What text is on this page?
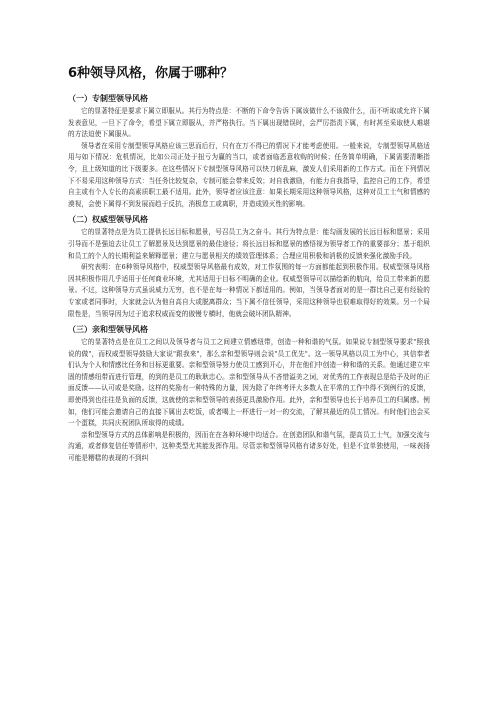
6种领导风格，你属于哪种？
（一）专制型领导风格

它的显著特征是要求下属立即服从。其行为特点是：不断的下命令告诉下属该做什么不该做什么，而不听取或允许下属发表意见，一旦下了命令，希望下属立即服从，并严格执行。当下属出现错误时，会严厉指责下属，有时甚至采取使人难堪的方法迫使下属服从。

领导者在采用专制型领导风格应该三思而后行，只有在万不得已的情况下才能考虑使用。一般来说，专制型领导风格适用与如下情况：危机情况，比如公司正处于扭亏为赢的当口，或者面临恶意收购的时候；任务简单明确，下属需要清晰指令，且上级知道的比下级要多。在这些情况下专制型领导风格可以快刀斩乱麻，激发人们采用新的工作方式。而在下列情况下不易采用这种领导方式：当任务比较复杂，专制可能会带来反效；对自我激励，有能力自我指导，监控自己的工作，希望自主或有个人专长的高素质职工最不适用。此外，领导者应该注意：如果长期采用这种领导风格，这种对员工士气和情感的漠视，会使下属得不到发展而趋于反抗，消极怠工或离职，并造成毁灭性的影响。

（二）权威型领导风格

它的显著特点是为员工提供长远目标和愿景，号召员工为之奋斗。其行为特点是：能勾画发展的长远目标和愿景；采用引导而不是强迫去让员工了解愿景及达到愿景的最佳途径；将长远目标和愿景的感悟视为领导者工作的重要部分；基于组织和员工的个人的长期利益来解释愿景；建立与愿景相关的绩效管理体系；合理应用积极和消极的反馈来强化激励手段。

研究表明：在6种领导风格中，权威型领导风格最有成效，对工作氛围的每一方面都能起到积极作用。权威型领导风格因其积极作用几乎适用于任何商业环境，尤其适用于目标不明确的企业。权威型领导可以描绘新的航向，给员工带来新的愿景。不过，这种领导方式虽说威力无穷，也不是在每一种情况下都适用的。例如，当领导者面对的是一群比自己更有经验的专家或者同事时，大家就会认为他自高自大或脱离群众；当下属不信任领导，采用这种领导也很难取得好的效果。另一个局限性是，当领导因为过于追求权威而变的傲慢专横时，他就会破坏团队精神。

（三）亲和型领导风格

它的显著特点是在员工之间以及领导者与员工之间建立情感纽带，创造一种和谐的气氛。如果说专制型领导要求"照我说的做"，而权威型领导鼓励大家说"跟我来"，那么亲和型领导则会说"员工优先"。这一领导风格以员工为中心，其信奉者们认为个人和情感比任务和目标更重要。亲和型领导努力使员工感到开心，并在他们中创造一种和谐的关系。他通过建立牢固的情感纽带而进行管理，的到的是员工的耿耿忠心。亲和型领导从不吝惜溢美之词，对优秀的工作表现总是给予及时的正面反馈——认可或是奖励。这样的奖励有一种特殊的力量，因为除了年终考评大多数人在平常的工作中得不到例行的反馈，即使得到也往往是负面的反馈，这就使的亲和型领导的表扬更具激励作用。此外，亲和型领导也长于培养员工的归属感。例如，他们可能会邀请自己的直接下属出去吃饭，或者喝上一杯进行一对一的交流，了解其最近的员工情况。有时他们也会买一个蛋糕，共同庆祝团队所取得的成绩。

亲和型领导方式的总体影响是积极的，因而在在各种环境中均适合。在创造团队和谐气氛，提高员工士气，加强交流与沟通，或者修复信任等情形中，这种类型尤其能发挥作用。尽管亲和型领导风格有诸多好处，但是不宜单独使用，一味表扬可能是糟糕的表现的不到纠
